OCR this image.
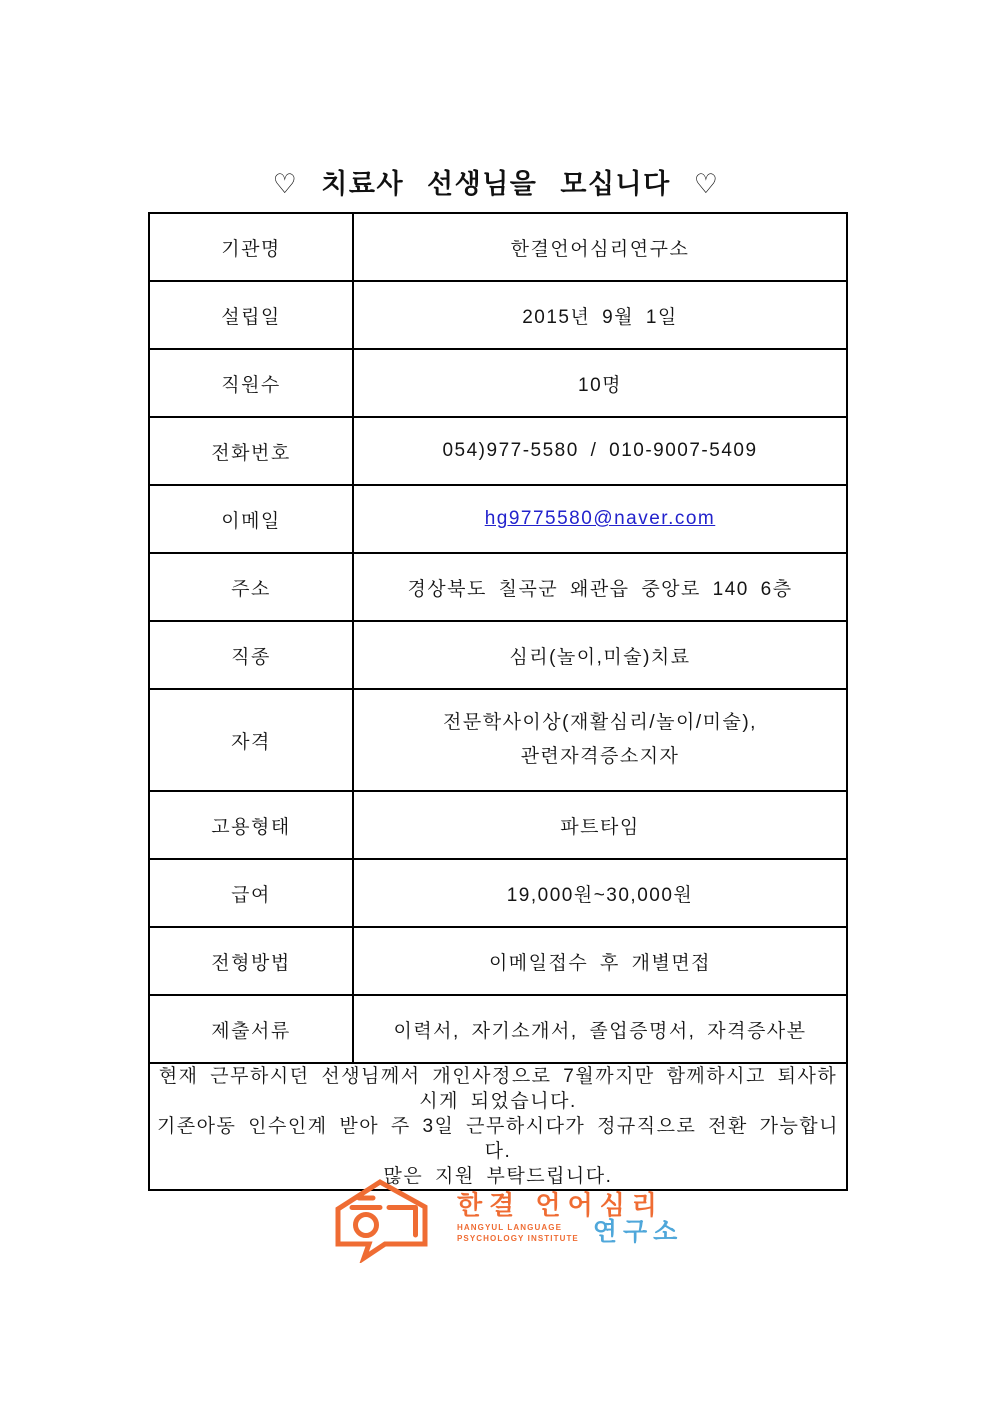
♡ 치료사 선생님을 모십니다 ♡
기관명	한결언어심리연구소
설립일	2015년 9월 1일
직원수	10명
전화번호	054)977-5580 / 010-9007-5409
이메일	hg9775580@naver.com
주소	경상북도 칠곡군 왜관읍 중앙로 140 6층
직종	심리(놀이,미술)치료
자격	전문학사이상(재활심리/놀이/미술),
관련자격증소지자

고용형태	파트타임
급여	19,000원~30,000원
전형방법	이메일접수 후 개별면접
제출서류	이력서, 자기소개서, 졸업증명서, 자격증사본

현재 근무하시던 선생님께서 개인사정으로 7월까지만 함께하시고 퇴사하시게 되었습니다.
기존아동 인수인계 받아 주 3일 근무하시다가 정규직으로 전환 가능합니다.
많은 지원 부탁드립니다.	
한결 언어심리
HANGYUL LANGUAGE
PSYCHOLOGY INSTITUTE 연구소
